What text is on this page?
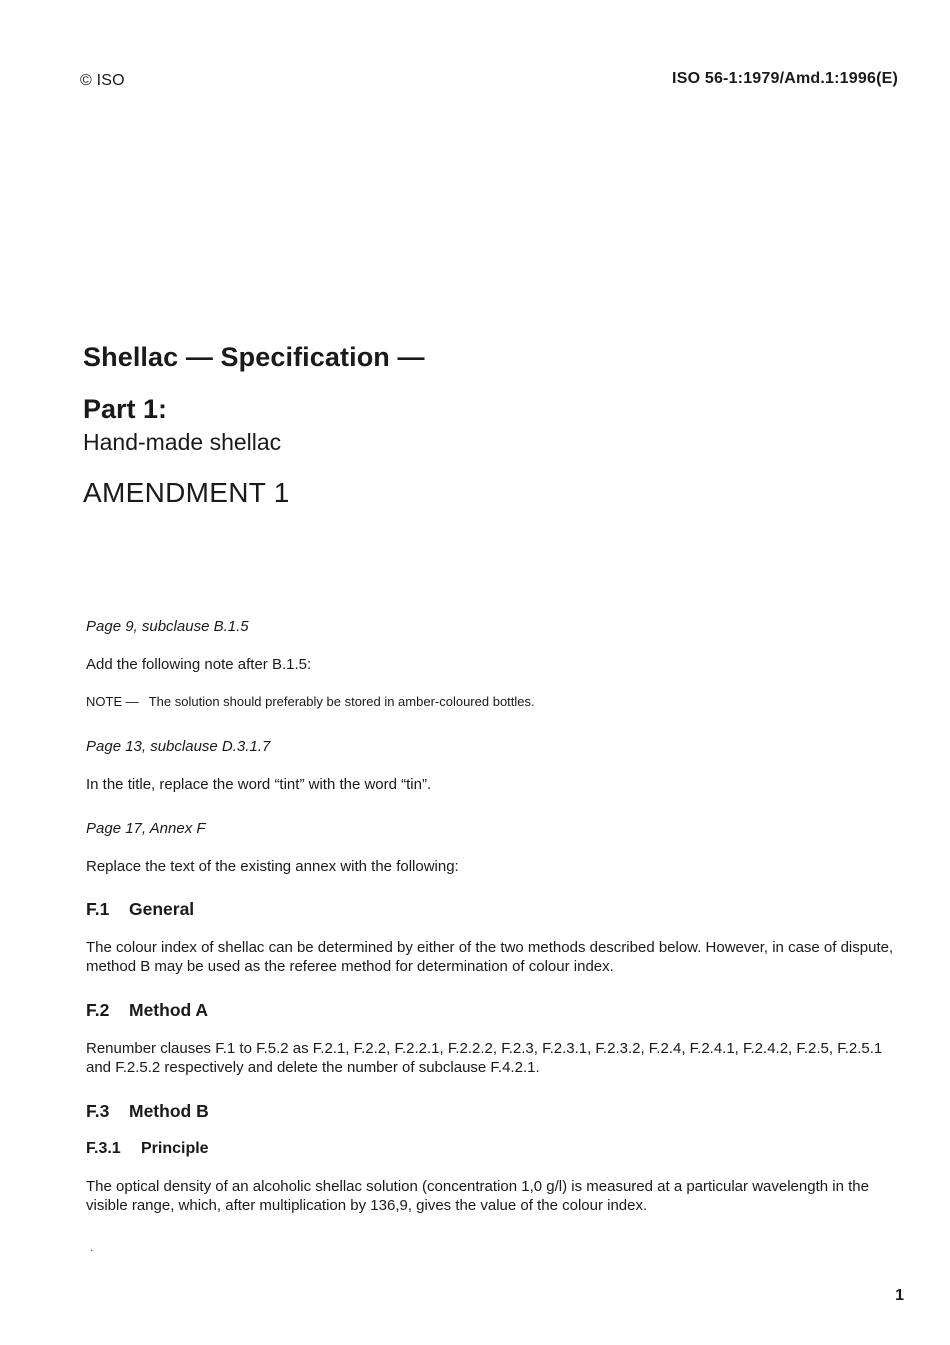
© ISO	ISO 56-1:1979/Amd.1:1996(E)
Shellac — Specification —
Part 1:
Hand-made shellac
AMENDMENT 1
Page 9, subclause B.1.5
Add the following note after B.1.5:
NOTE — The solution should preferably be stored in amber-coloured bottles.
Page 13, subclause D.3.1.7
In the title, replace the word “tint” with the word “tin”.
Page 17, Annex F
Replace the text of the existing annex with the following:
F.1 General
The colour index of shellac can be determined by either of the two methods described below. However, in case of dispute, method B may be used as the referee method for determination of colour index.
F.2 Method A
Renumber clauses F.1 to F.5.2 as F.2.1, F.2.2, F.2.2.1, F.2.2.2, F.2.3, F.2.3.1, F.2.3.2, F.2.4, F.2.4.1, F.2.4.2, F.2.5, F.2.5.1 and F.2.5.2 respectively and delete the number of subclause F.4.2.1.
F.3 Method B
F.3.1 Principle
The optical density of an alcoholic shellac solution (concentration 1,0 g/l) is measured at a particular wavelength in the visible range, which, after multiplication by 136,9, gives the value of the colour index.
.
1
